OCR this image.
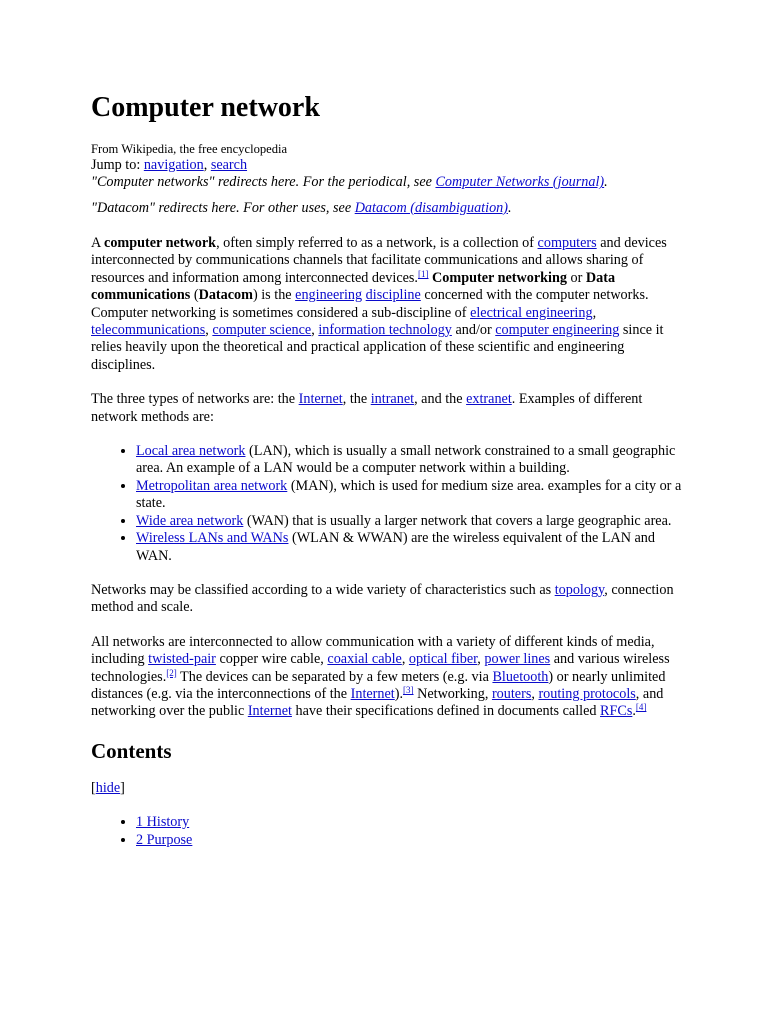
Computer network
From Wikipedia, the free encyclopedia
Jump to: navigation, search
"Computer networks" redirects here. For the periodical, see Computer Networks (journal).
"Datacom" redirects here. For other uses, see Datacom (disambiguation).

A computer network, often simply referred to as a network, is a collection of computers and devices interconnected by communications channels that facilitate communications and allows sharing of resources and information among interconnected devices.[1] Computer networking or Data communications (Datacom) is the engineering discipline concerned with the computer networks. Computer networking is sometimes considered a sub-discipline of electrical engineering, telecommunications, computer science, information technology and/or computer engineering since it relies heavily upon the theoretical and practical application of these scientific and engineering disciplines.

The three types of networks are: the Internet, the intranet, and the extranet. Examples of different network methods are:

• Local area network (LAN), which is usually a small network constrained to a small geographic area. An example of a LAN would be a computer network within a building.
• Metropolitan area network (MAN), which is used for medium size area. examples for a city or a state.
• Wide area network (WAN) that is usually a larger network that covers a large geographic area.
• Wireless LANs and WANs (WLAN & WWAN) are the wireless equivalent of the LAN and WAN.

Networks may be classified according to a wide variety of characteristics such as topology, connection method and scale.

All networks are interconnected to allow communication with a variety of different kinds of media, including twisted-pair copper wire cable, coaxial cable, optical fiber, power lines and various wireless technologies.[2] The devices can be separated by a few meters (e.g. via Bluetooth) or nearly unlimited distances (e.g. via the interconnections of the Internet).[3] Networking, routers, routing protocols, and networking over the public Internet have their specifications defined in documents called RFCs.[4]

Contents
[hide]
• 1 History
• 2 Purpose
